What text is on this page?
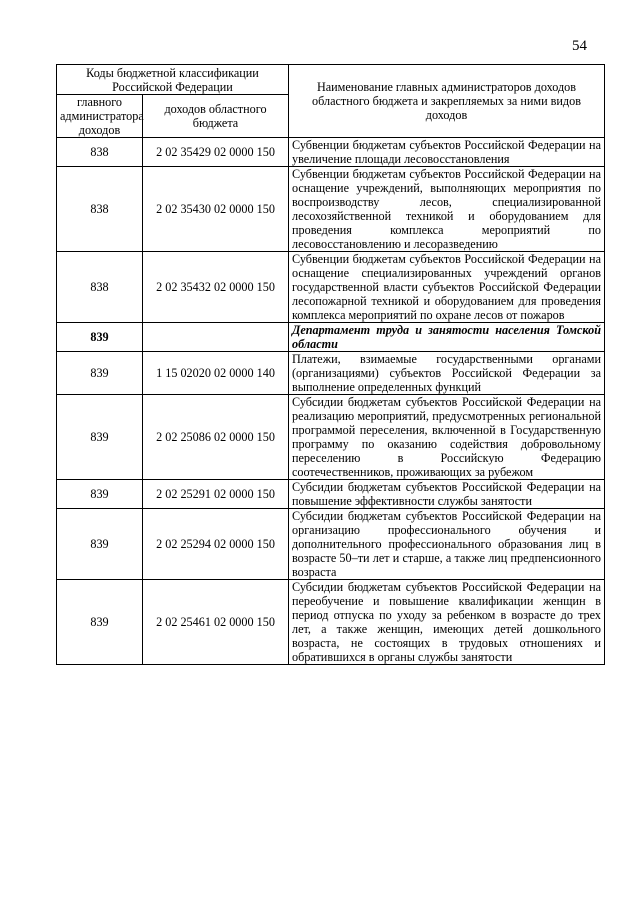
54
Коды бюджетной классификации Российской Федерации		Наименование главных администраторов доходов областного бюджета и закрепляемых за ними видов доходов
главного администратора доходов	доходов областного бюджета	
838	2 02 35429 02 0000 150	Субвенции бюджетам субъектов Российской Федерации на увеличение площади лесовосстановления
838	2 02 35430 02 0000 150	Субвенции бюджетам субъектов Российской Федерации на оснащение учреждений, выполняющих мероприятия по воспроизводству лесов, специализированной лесохозяйственной техникой и оборудованием для проведения комплекса мероприятий по лесовосстановлению и лесоразведению
838	2 02 35432 02 0000 150	Субвенции бюджетам субъектов Российской Федерации на оснащение специализированных учреждений органов государственной власти субъектов Российской Федерации лесопожарной техникой и оборудованием для проведения комплекса мероприятий по охране лесов от пожаров
839		Департамент труда и занятости населения Томской области
839	1 15 02020 02 0000 140	Платежи, взимаемые государственными органами (организациями) субъектов Российской Федерации за выполнение определенных функций
839	2 02 25086 02 0000 150	Субсидии бюджетам субъектов Российской Федерации на реализацию мероприятий, предусмотренных региональной программой переселения, включенной в Государственную программу по оказанию содействия добровольному переселению в Российскую Федерацию соотечественников, проживающих за рубежом
839	2 02 25291 02 0000 150	Субсидии бюджетам субъектов Российской Федерации на повышение эффективности службы занятости
839	2 02 25294 02 0000 150	Субсидии бюджетам субъектов Российской Федерации на организацию профессионального обучения и дополнительного профессионального образования лиц в возрасте 50–ти лет и старше, а также лиц предпенсионного возраста
839	2 02 25461 02 0000 150	Субсидии бюджетам субъектов Российской Федерации на переобучение и повышение квалификации женщин в период отпуска по уходу за ребенком в возрасте до трех лет, а также женщин, имеющих детей дошкольного возраста, не состоящих в трудовых отношениях и обратившихся в органы службы занятости
